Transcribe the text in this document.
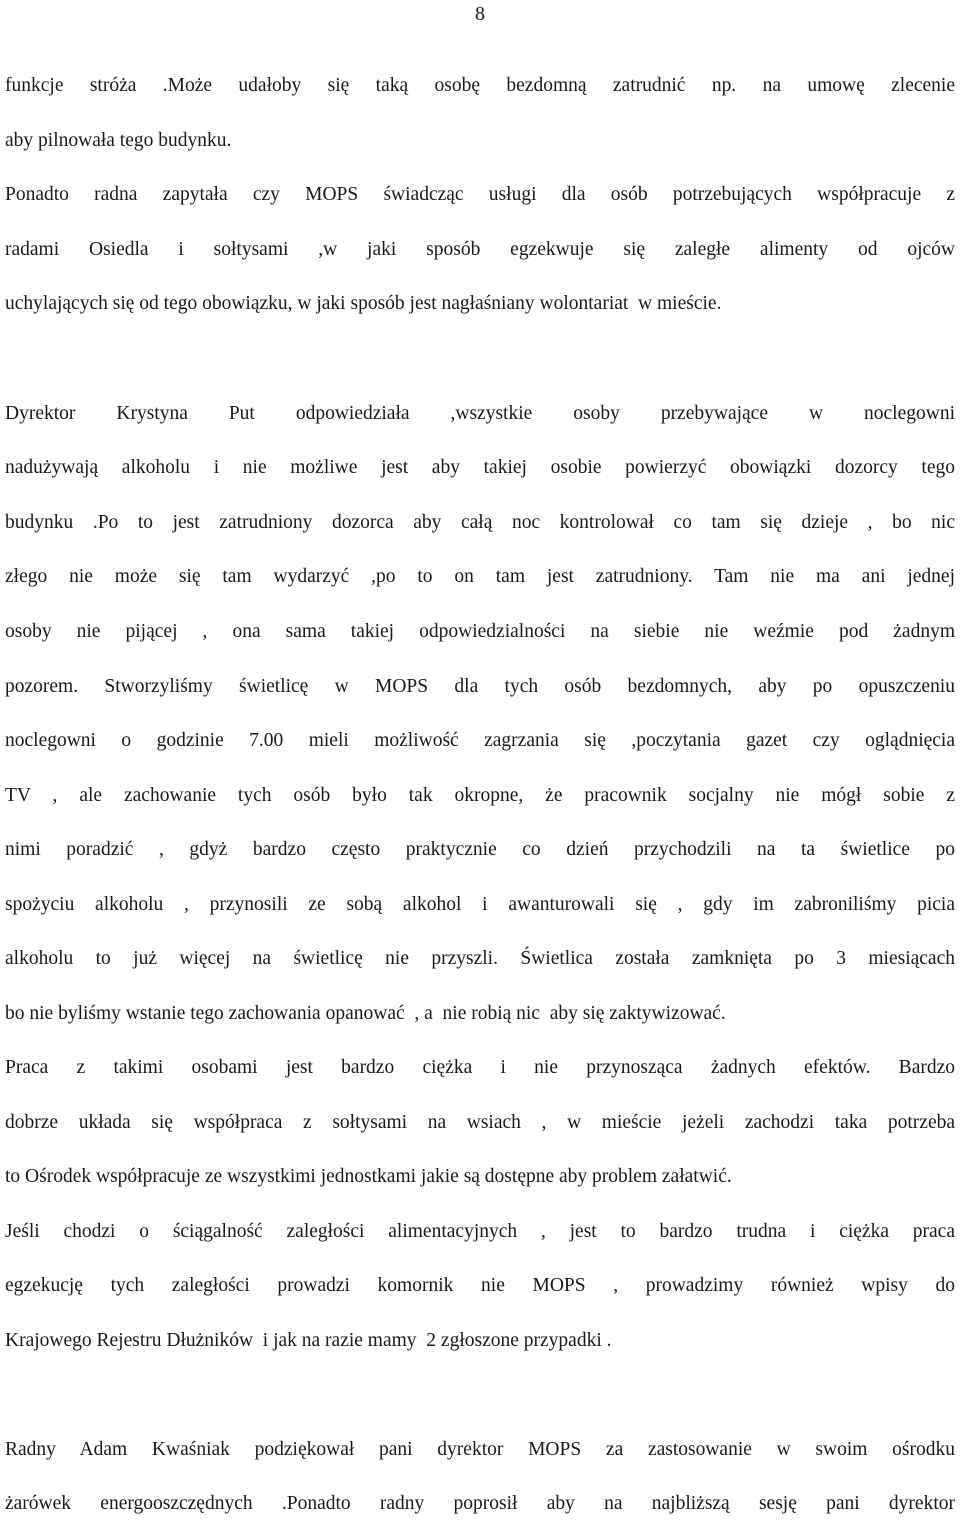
8
funkcje stróża .Może udałoby się taką osobę bezdomną zatrudnić np. na umowę zlecenie
aby pilnowała tego budynku.
Ponadto radna zapytała czy MOPS świadcząc usługi dla osób potrzebujących współpracuje z
radami Osiedla i sołtysami ,w jaki sposób egzekwuje się zaległe alimenty od ojców
uchylających się od tego obowiązku, w jaki sposób jest nagłaśniany wolontariat  w mieście.
Dyrektor Krystyna Put odpowiedziała ,wszystkie osoby przebywające w noclegowni
nadużywają alkoholu i nie możliwe jest aby takiej osobie powierzyć obowiązki dozorcy tego
budynku .Po to jest zatrudniony dozorca aby całą noc kontrolował co tam się dzieje , bo nic
złego nie może się tam wydarzyć ,po to on tam jest zatrudniony. Tam nie ma ani jednej
osoby nie pijącej , ona sama takiej odpowiedzialności na siebie nie weźmie pod żadnym
pozorem. Stworzyliśmy świetlicę w MOPS dla tych osób bezdomnych, aby po opuszczeniu
noclegowni o godzinie 7.00 mieli możliwość zagrzania się ,poczytania gazet czy oglądnięcia
TV , ale zachowanie tych osób było tak okropne, że pracownik socjalny nie mógł sobie z
nimi poradzić , gdyż bardzo często praktycznie co dzień przychodzili na ta świetlice po
spożyciu alkoholu , przynosili ze sobą alkohol i awanturowali się , gdy im zabroniliśmy picia
alkoholu to już więcej na świetlicę nie przyszli. Świetlica została zamknięta po 3 miesiącach
bo nie byliśmy wstanie tego zachowania opanować  , a  nie robią nic  aby się zaktywizować.
Praca z takimi osobami jest bardzo ciężka i nie przynosząca żadnych efektów. Bardzo
dobrze układa się współpraca z sołtysami na wsiach , w mieście jeżeli zachodzi taka potrzeba
to Ośrodek współpracuje ze wszystkimi jednostkami jakie są dostępne aby problem załatwić.
Jeśli chodzi o ściągalność zaległości alimentacyjnych , jest to bardzo trudna i ciężka praca
egzekucję tych zaległości prowadzi komornik nie MOPS , prowadzimy również wpisy do
Krajowego Rejestru Dłużników  i jak na razie mamy  2 zgłoszone przypadki .
Radny Adam Kwaśniak podziękował pani dyrektor MOPS za zastosowanie w swoim ośrodku
żarówek energooszczędnych .Ponadto radny poprosił aby na najbliższą sesję pani dyrektor
